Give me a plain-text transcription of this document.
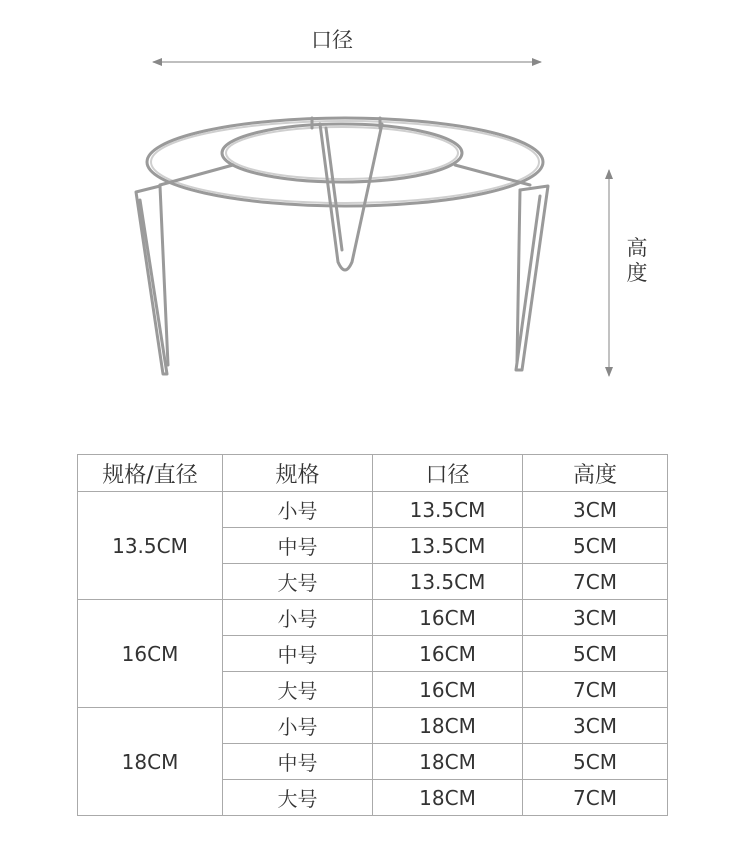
口径
高度
规格/直径	规格	口径	高度
13.5CM	小号	13.5CM	3CM
	中号	13.5CM	5CM
	大号	13.5CM	7CM
16CM	小号	16CM	3CM
	中号	16CM	5CM
	大号	16CM	7CM
18CM	小号	18CM	3CM
	中号	18CM	5CM
	大号	18CM	7CM
